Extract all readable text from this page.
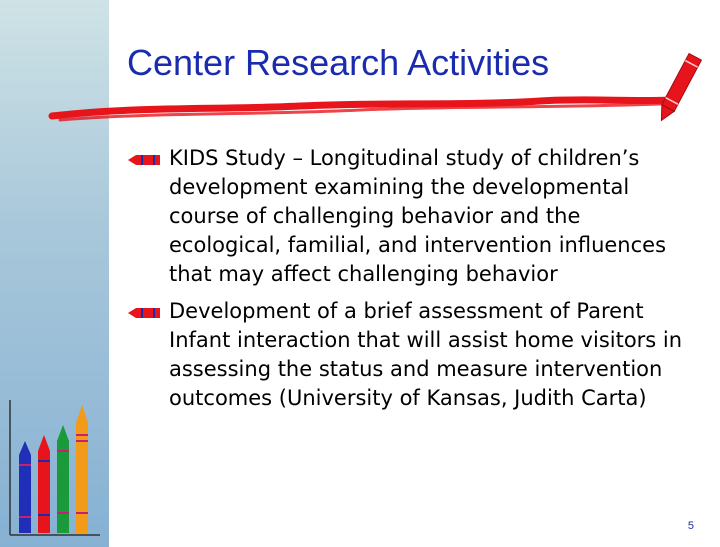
Center Research Activities
KIDS Study – Longitudinal study of children’s development examining the developmental course of challenging behavior and the ecological, familial, and intervention influences that may affect challenging behavior
Development of a brief assessment of Parent Infant interaction that will assist home visitors in assessing the status and measure intervention outcomes (University of Kansas, Judith Carta)
5
